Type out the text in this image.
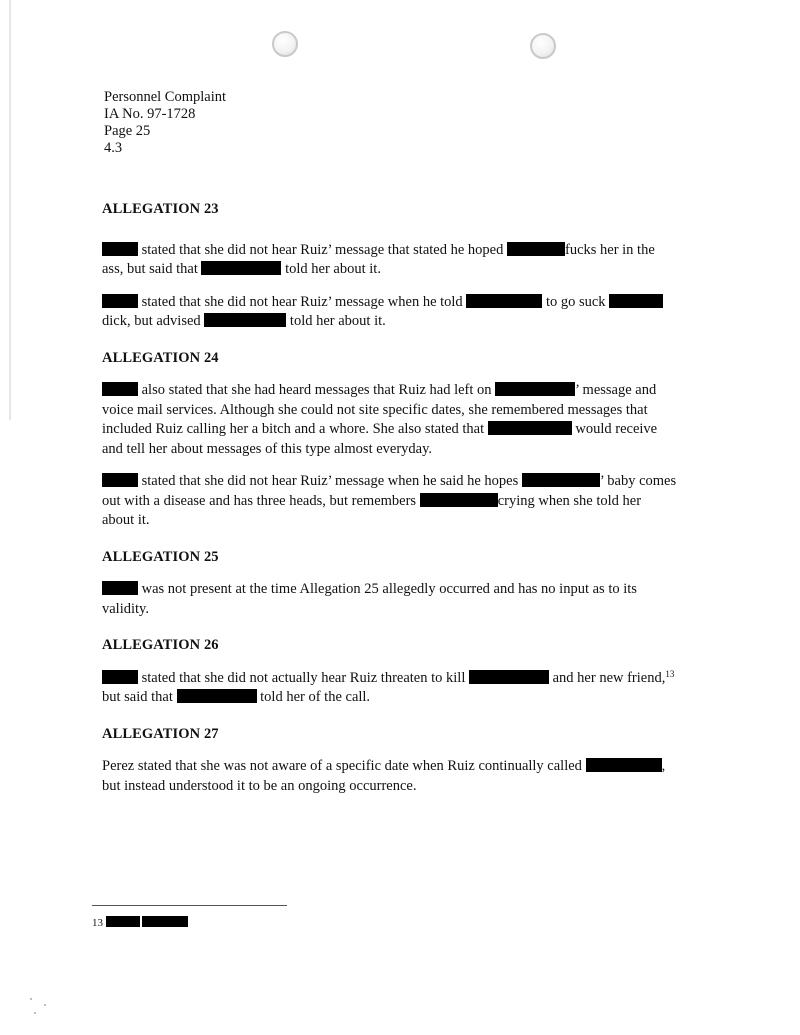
Personnel Complaint
IA No. 97-1728
Page 25
4.3
ALLEGATION 23

stated that she did not hear Ruiz’ message that stated he hoped	fucks her in the
ass, but said that	told her about it.

stated that she did not hear Ruiz’ message when he told	to go suck
dick, but advised	told her about it.

ALLEGATION 24

also stated that she had heard messages that Ruiz had left on	’ message and
voice mail services. Although she could not site specific dates, she remembered messages that
included Ruiz calling her a bitch and a whore. She also stated that	would receive
and tell her about messages of this type almost everyday.

stated that she did not hear Ruiz’ message when he said he hopes	’ baby comes
out with a disease and has three heads, but remembers	crying when she told her
about it.

ALLEGATION 25

was not present at the time Allegation 25 allegedly occurred and has no input as to its
validity.

ALLEGATION 26

stated that she did not actually hear Ruiz threaten to kill	and her new friend,$^{13}$
but said that	told her of the call.

ALLEGATION 27

Perez stated that she was not aware of a specific date when Ruiz continually called	,
but instead understood it to be an ongoing occurrence.

13
